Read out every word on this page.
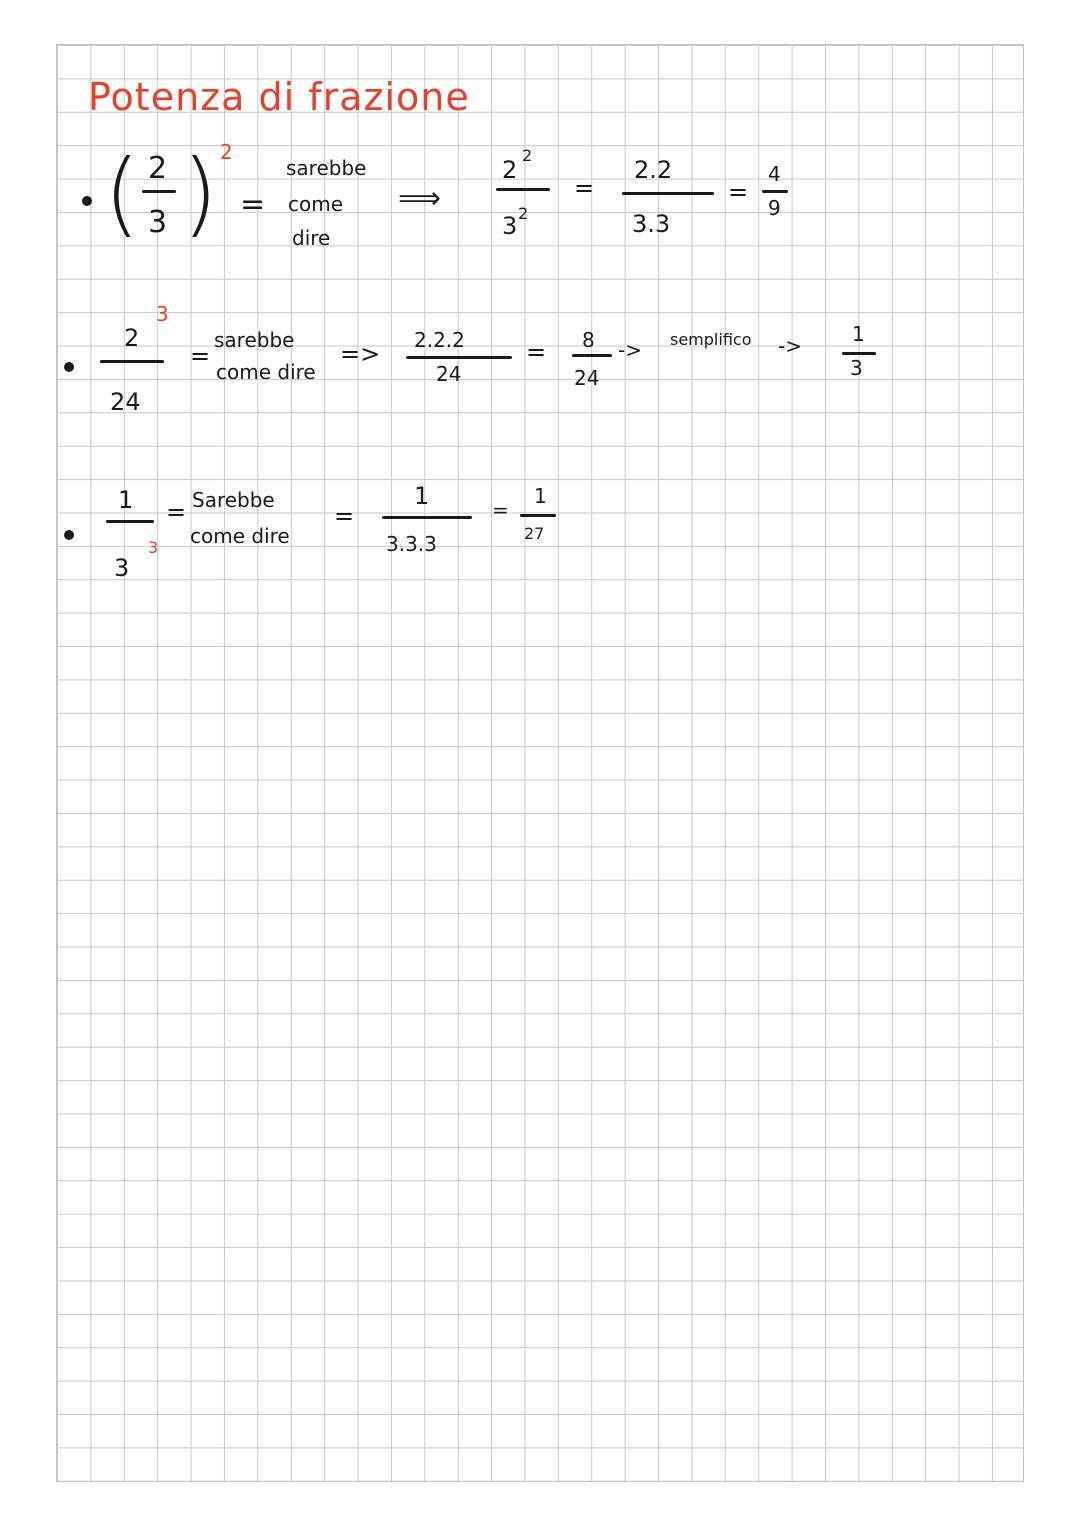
Potenza di frazione
( 2
3 ) 2
=
sarebbe
come
dire
⟹
2
2
3 2
=
2.2
3.3
=
4
9
2
3
24
=
sarebbe
come dire
=> 2.2.2
24
= 8
24
-> semplifico ->	1
3
1
3
3
= Sarebbe
come dire
=
1
3.3.3
=
1
27
